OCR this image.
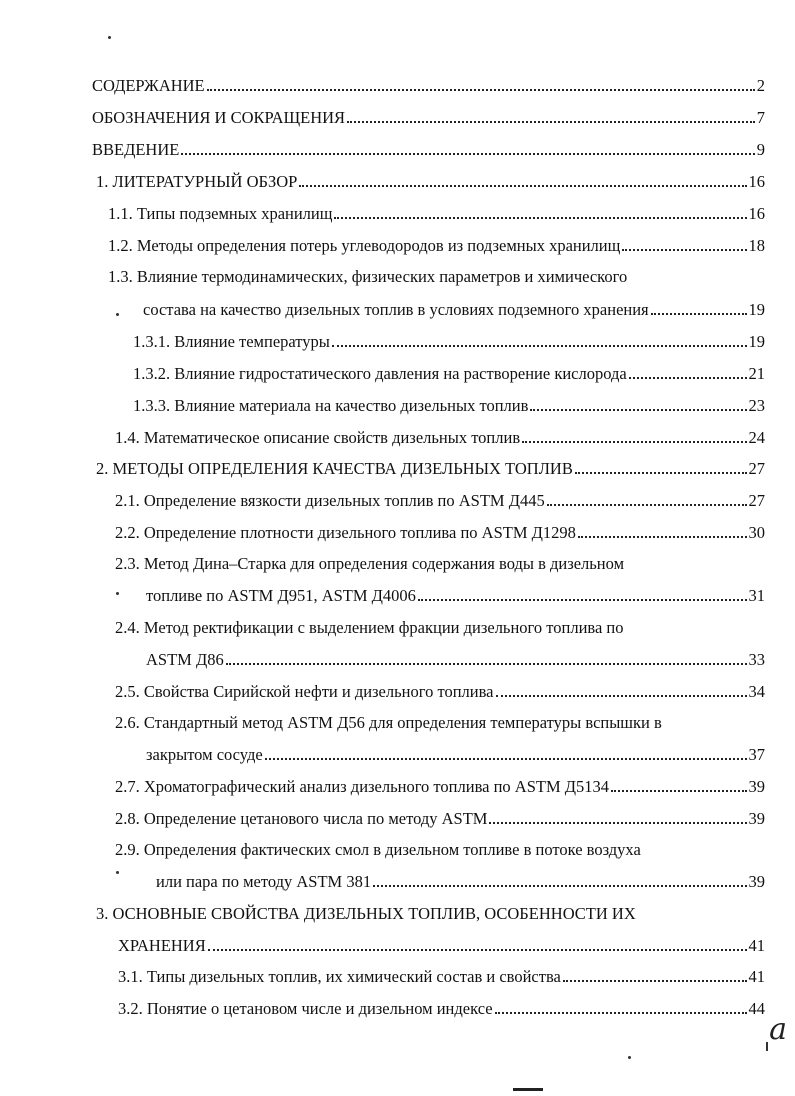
СОДЕРЖАНИЕ	2
ОБОЗНАЧЕНИЯ И СОКРАЩЕНИЯ	7
ВВЕДЕНИЕ	9
1. ЛИТЕРАТУРНЫЙ ОБЗОР	16
1.1. Типы подземных хранилищ	16
1.2. Методы определения потерь углеводородов из подземных хранилищ	18
1.3. Влияние термодинамических, физических параметров и химического
состава на качество дизельных топлив в условиях подземного хранения	19
1.3.1. Влияние температуры	19
1.3.2. Влияние гидростатического давления на растворение кислорода	21
1.3.3. Влияние материала на качество дизельных топлив	23
1.4. Математическое описание свойств дизельных топлив	24
2. МЕТОДЫ ОПРЕДЕЛЕНИЯ КАЧЕСТВА ДИЗЕЛЬНЫХ ТОПЛИВ	27
2.1. Определение вязкости дизельных топлив по ASTM Д445	27
2.2. Определение плотности дизельного топлива по ASTM Д1298	30
2.3. Метод Дина–Старка для определения содержания воды в дизельном
топливе по ASTM Д951, ASTM Д4006	31
2.4. Метод ректификации с выделением фракции дизельного топлива по
ASTM Д86	33
2.5. Свойства Сирийской нефти и дизельного топлива	34
2.6. Стандартный метод ASTM Д56 для определения температуры вспышки в
закрытом сосуде	37
2.7. Хроматографический анализ дизельного топлива по ASTM Д5134	39
2.8. Определение цетанового числа по методу ASTM	39
2.9. Определения фактических смол в дизельном топливе в потоке воздуха
или пара по методу ASTM 381	39
3. ОСНОВНЫЕ СВОЙСТВА ДИЗЕЛЬНЫХ ТОПЛИВ, ОСОБЕННОСТИ ИХ
ХРАНЕНИЯ	41
3.1. Типы дизельных топлив, их химический состав и свойства	41
3.2. Понятие о цетановом числе и дизельном индексе	44
a
